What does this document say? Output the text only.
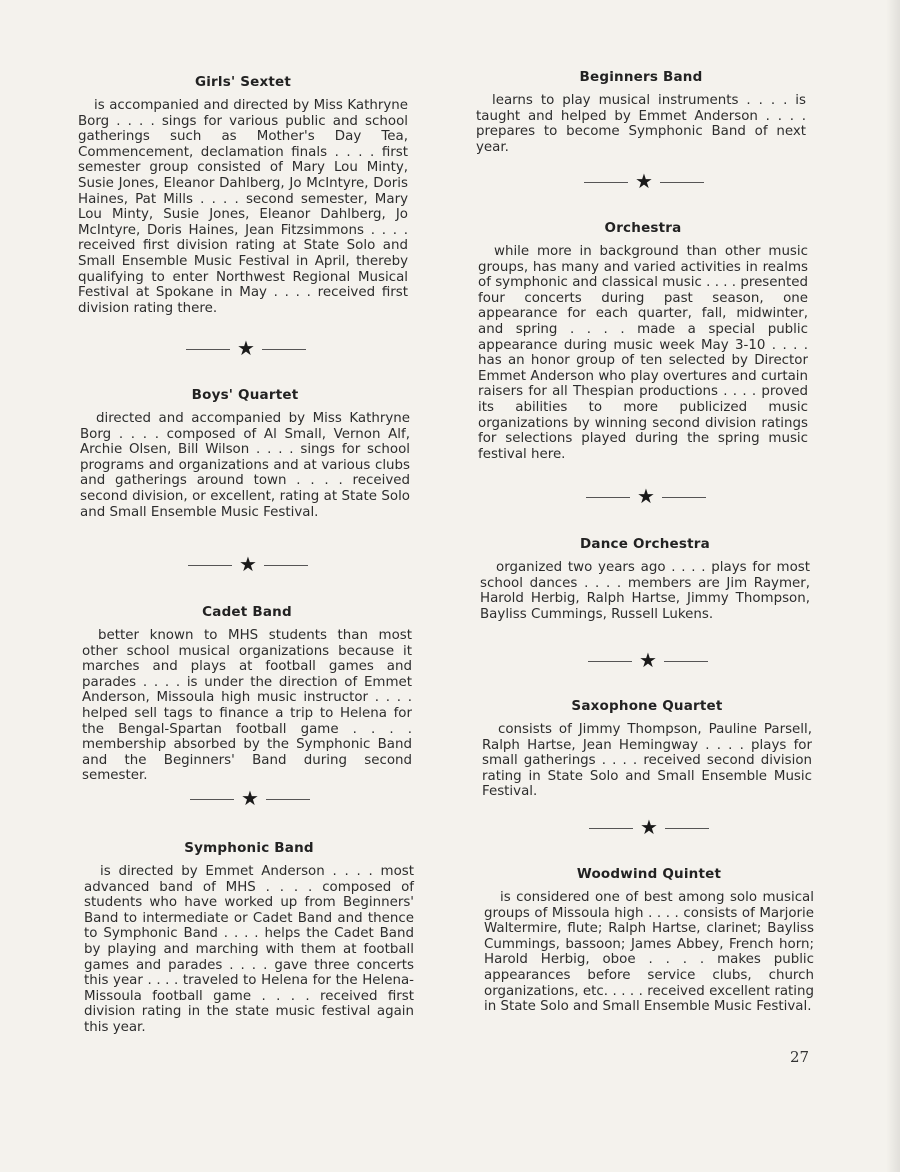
Girls' Sextet

is accompanied and directed by Miss Kathryne Borg . . . . sings for various public and school gatherings such as Mother's Day Tea, Commencement, declamation finals . . . . first semester group consisted of Mary Lou Minty, Susie Jones, Eleanor Dahlberg, Jo McIntyre, Doris Haines, Pat Mills . . . . second semester, Mary Lou Minty, Susie Jones, Eleanor Dahlberg, Jo McIntyre, Doris Haines, Jean Fitzsimmons . . . . received first division rating at State Solo and Small Ensemble Music Festival in April, thereby qualifying to enter Northwest Regional Musical Festival at Spokane in May . . . . received first division rating there.

★
Boys' Quartet

directed and accompanied by Miss Kathryne Borg . . . . composed of Al Small, Vernon Alf, Archie Olsen, Bill Wilson . . . . sings for school programs and organizations and at various clubs and gatherings around town . . . . received second division, or excellent, rating at State Solo and Small Ensemble Music Festival.

★
Cadet Band

better known to MHS students than most other school musical organizations because it marches and plays at football games and parades . . . . is under the direction of Emmet Anderson, Missoula high music instructor . . . . helped sell tags to finance a trip to Helena for the Bengal-Spartan football game . . . . membership absorbed by the Symphonic Band and the Beginners' Band during second semester.

★
Symphonic Band

is directed by Emmet Anderson . . . . most advanced band of MHS . . . . composed of students who have worked up from Beginners' Band to intermediate or Cadet Band and thence to Symphonic Band . . . . helps the Cadet Band by playing and marching with them at football games and parades . . . . gave three concerts this year . . . . traveled to Helena for the Helena-Missoula football game . . . . received first division rating in the state music festival again this year.

Beginners Band

learns to play musical instruments . . . . is taught and helped by Emmet Anderson . . . . prepares to become Symphonic Band of next year.

★
Orchestra

while more in background than other music groups, has many and varied activities in realms of symphonic and classical music . . . . presented four concerts during past season, one appearance for each quarter, fall, midwinter, and spring . . . . made a special public appearance during music week May 3-10 . . . . has an honor group of ten selected by Director Emmet Anderson who play overtures and curtain raisers for all Thespian productions . . . . proved its abilities to more publicized music organizations by winning second division ratings for selections played during the spring music festival here.

★
Dance Orchestra

organized two years ago . . . . plays for most school dances . . . . members are Jim Raymer, Harold Herbig, Ralph Hartse, Jimmy Thompson, Bayliss Cummings, Russell Lukens.

★
Saxophone Quartet

consists of Jimmy Thompson, Pauline Parsell, Ralph Hartse, Jean Hemingway . . . . plays for small gatherings . . . . received second division rating in State Solo and Small Ensemble Music Festival.

★
Woodwind Quintet

is considered one of best among solo musical groups of Missoula high . . . . consists of Marjorie Waltermire, flute; Ralph Hartse, clarinet; Bayliss Cummings, bassoon; James Abbey, French horn; Harold Herbig, oboe . . . . makes public appearances before service clubs, church organizations, etc. . . . . received excellent rating in State Solo and Small Ensemble Music Festival.

27
